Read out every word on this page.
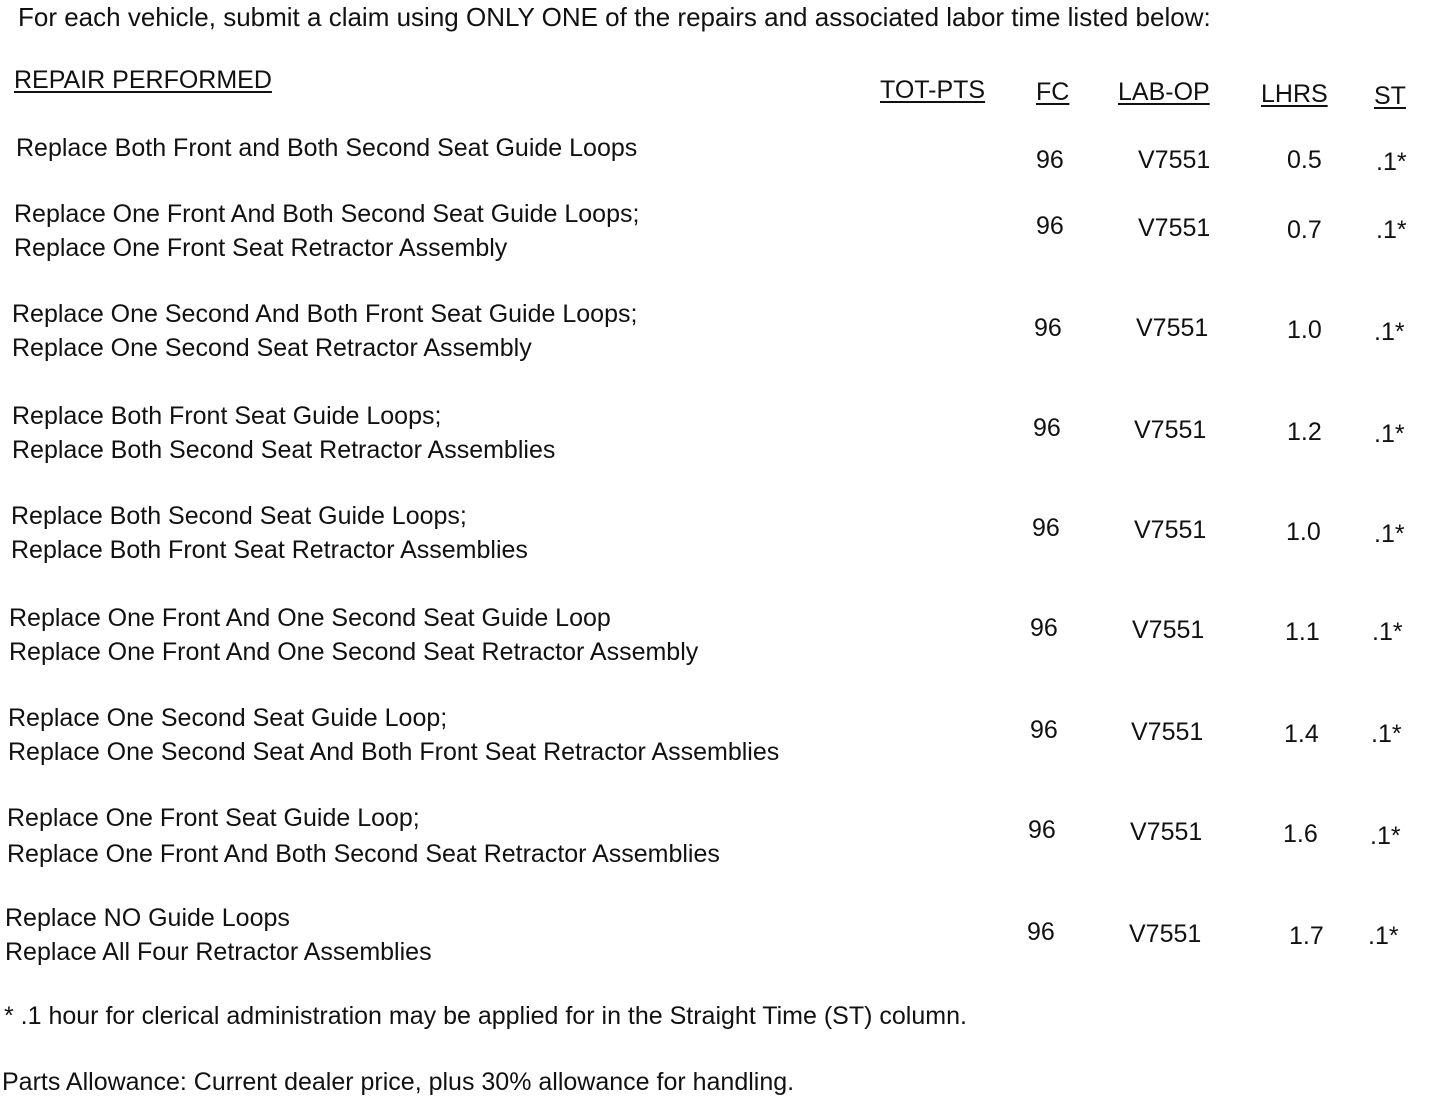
For each vehicle, submit a claim using ONLY ONE of the repairs and associated labor time listed below:
REPAIR PERFORMED	TOT-PTS FC LAB-OP LHRS ST
Replace Both Front and Both Second Seat Guide Loops	96	V7551	0.5 .1*
Replace One Front And Both Second Seat Guide Loops;
Replace One Front Seat Retractor Assembly
96	V7551	0.7 .1*
Replace One Second And Both Front Seat Guide Loops;
Replace One Second Seat Retractor Assembly
96	V7551	1.0 .1*
Replace Both Front Seat Guide Loops;
Replace Both Second Seat Retractor Assemblies
96	V7551	1.2 .1*
Replace Both Second Seat Guide Loops;
Replace Both Front Seat Retractor Assemblies
96	V7551	1.0 .1*
Replace One Front And One Second Seat Guide Loop
Replace One Front And One Second Seat Retractor Assembly
96	V7551	1.1 .1*
Replace One Second Seat Guide Loop;
Replace One Second Seat And Both Front Seat Retractor Assemblies
96	V7551	1.4 .1*
Replace One Front Seat Guide Loop;
Replace One Front And Both Second Seat Retractor Assemblies
96	V7551	1.6 .1*
Replace NO Guide Loops
Replace All Four Retractor Assemblies
96	V7551	1.7 .1*
* .1 hour for clerical administration may be applied for in the Straight Time (ST) column.
Parts Allowance: Current dealer price, plus 30% allowance for handling.
